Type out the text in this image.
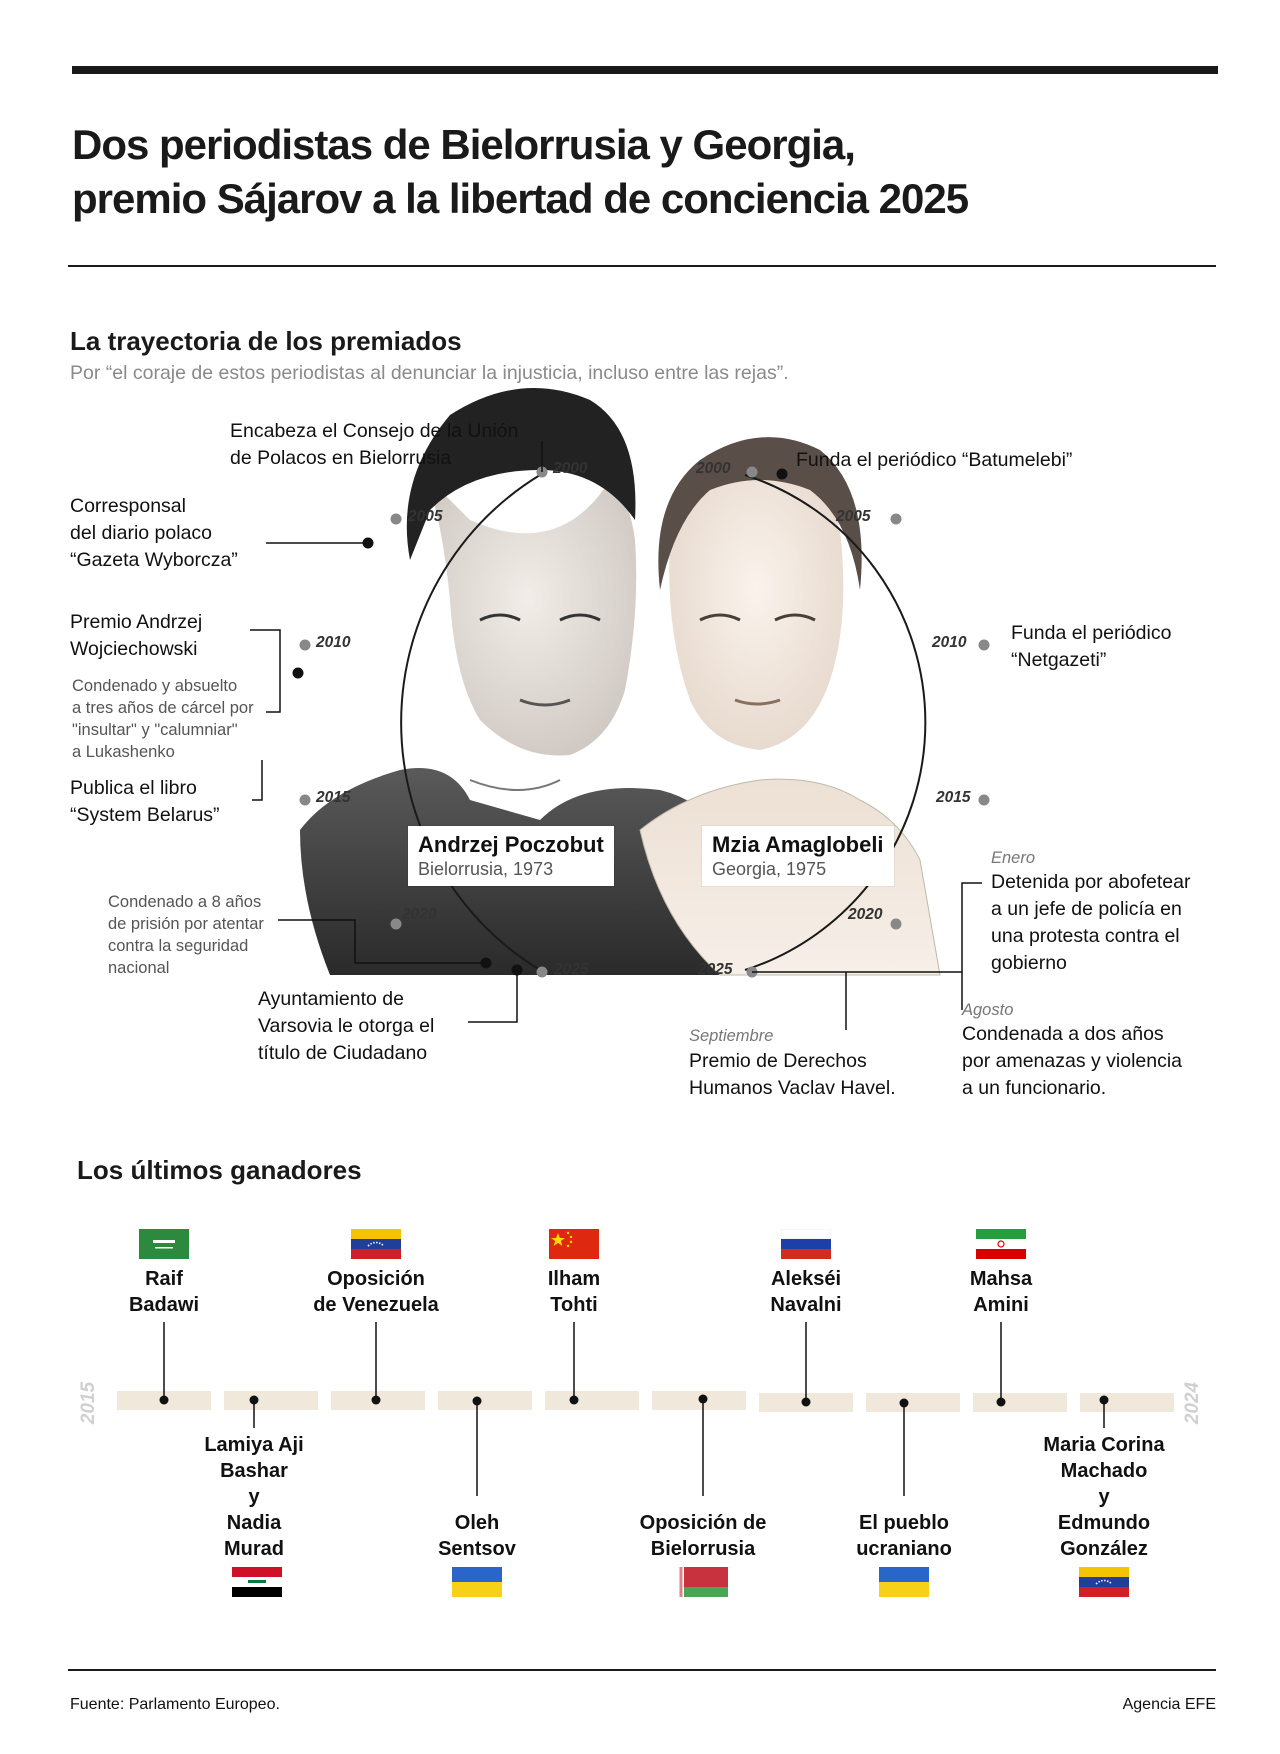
Dos periodistas de Bielorrusia y Georgia,
premio Sájarov a la libertad de conciencia 2025
La trayectoria de los premiados
Por “el coraje de estos periodistas al denunciar la injusticia, incluso entre las rejas”.
2000
2005
2010
2015
2020
2025
2000
2005
2010
2015
2020
2025
Andrzej Poczobut
Bielorrusia, 1973
Mzia Amaglobeli
Georgia, 1975
Encabeza el Consejo de la Unión
de Polacos en Bielorrusia
Corresponsal
del diario polaco
“Gazeta Wyborcza”
Premio Andrzej
Wojciechowski
Condenado y absuelto
a tres años de cárcel por
"insultar" y "calumniar"
a Lukashenko
Publica el libro
“System Belarus”
Condenado a 8 años
de prisión por atentar
contra la seguridad
nacional
Ayuntamiento de
Varsovia le otorga el
título de Ciudadano
Funda el periódico “Batumelebi”
Funda el periódico
“Netgazeti”
Enero
Detenida por abofetear
a un jefe de policía en
una protesta contra el
gobierno
Agosto
Condenada a dos años
por amenazas y violencia
a un funcionario.
Septiembre
Premio de Derechos
Humanos Vaclav Havel.
Los últimos ganadores
2015	2024
Raif
Badawi
Oposición
de Venezuela
Ilham
Tohti
Alekséi
Navalni
Mahsa
Amini
Lamiya Aji
Bashar
y
Nadia
Murad
Oleh
Sentsov
Oposición de
Bielorrusia
El pueblo
ucraniano
Maria Corina
Machado
y
Edmundo
González
Fuente: Parlamento Europeo.	Agencia EFE
